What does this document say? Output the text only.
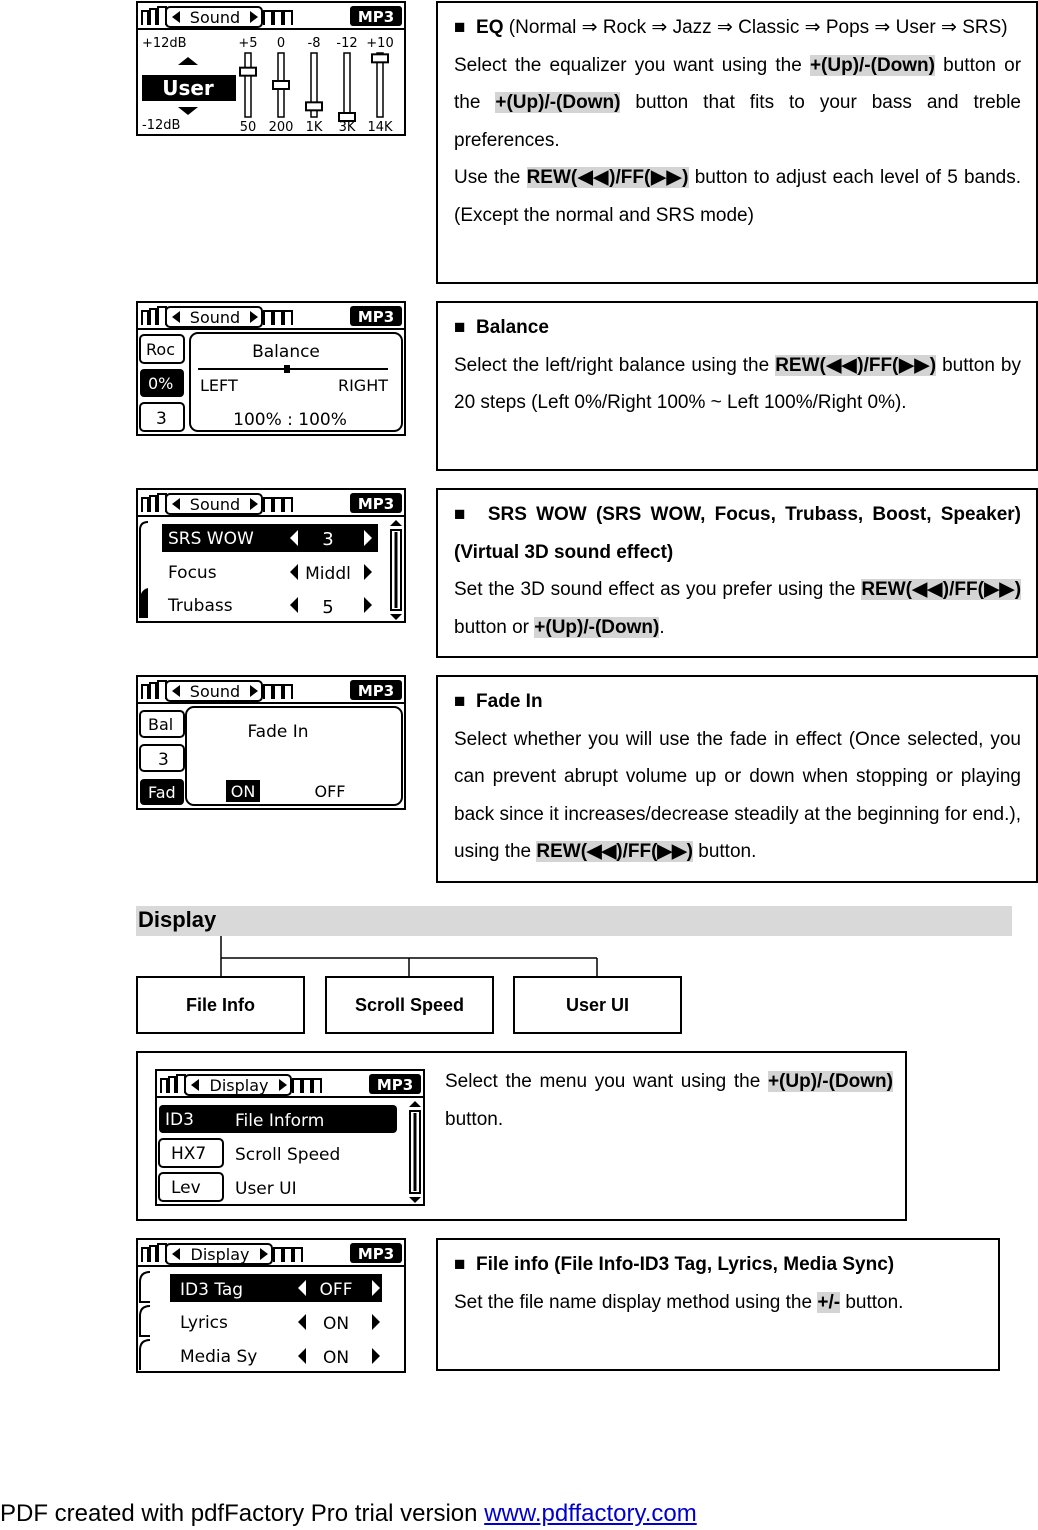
Sound	MP3
+12dB
-12dB
User
+5
50
0
200
-8
1K
-12
3K
+10
14K
■ EQ (Normal ⇒ Rock ⇒ Jazz ⇒ Classic ⇒ Pops ⇒ User ⇒ SRS)
Select the equalizer you want using the +(Up)/-(Down) button or the +(Up)/-(Down) button that fits to your bass and treble preferences.
Use the REW(◀◀)/FF(▶▶) button to adjust each level of 5 bands. (Except the normal and SRS mode)
Sound	MP3
Roc
0%
3
Balance
LEFT	RIGHT
100% : 100%
■ Balance
Select the left/right balance using the REW(◀◀)/FF(▶▶) button by 20 steps (Left 0%/Right 100% ~ Left 100%/Right 0%).
Sound	MP3
SRS WOW	3
Focus	Middl
Trubass	5
■ SRS WOW (SRS WOW, Focus, Trubass, Boost, Speaker)(Virtual 3D sound effect)
Set the 3D sound effect as you prefer using the REW(◀◀)/FF(▶▶) button or +(Up)/-(Down).
Sound	MP3
Bal
3
Fad
Fade In
ON	OFF
■ Fade In
Select whether you will use the fade in effect (Once selected, you can prevent abrupt volume up or down when stopping or playing back since it increases/decrease steadily at the beginning for end.), using the REW(◀◀)/FF(▶▶) button.
Display
File Info	Scroll Speed	User UI
Display	MP3
ID3 File Inform
HX7 Scroll Speed
Lev User UI
Select the menu you want using the +(Up)/-(Down) button.
Display	MP3
ID3 Tag	OFF
Lyrics	ON
Media Sy	ON
■ File info (File Info-ID3 Tag, Lyrics, Media Sync)
Set the file name display method using the +/- button.
PDF created with pdfFactory Pro trial version www.pdffactory.com
